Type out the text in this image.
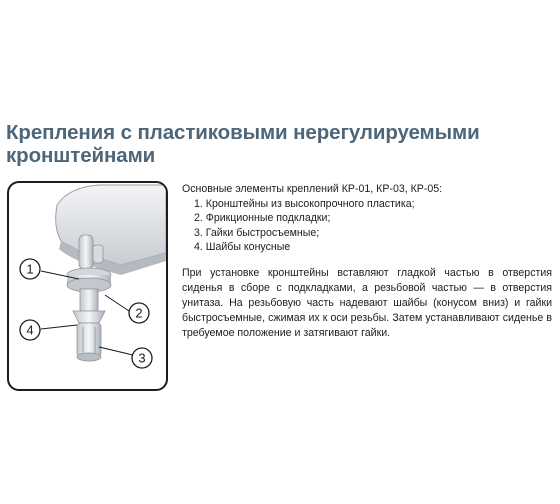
Крепления с пластиковыми нерегулируемыми
кронштейнами
1
2
4
3
Основные элементы креплений КР-01, КР-03, КР-05:
1. Кронштейны из высокопрочного пластика;
2. Фрикционные подкладки;
3. Гайки быстросъемные;
4. Шайбы конусные
При установке кронштейны вставляют гладкой частью в отверстия сиденья в сборе с подкладками, а резьбовой частью — в отверстия унитаза. На резьбовую часть надевают шайбы (конусом вниз) и гайки быстросъемные, сжимая их к оси резьбы. Затем устанавливают сиденье в требуемое положение и затягивают гайки.
